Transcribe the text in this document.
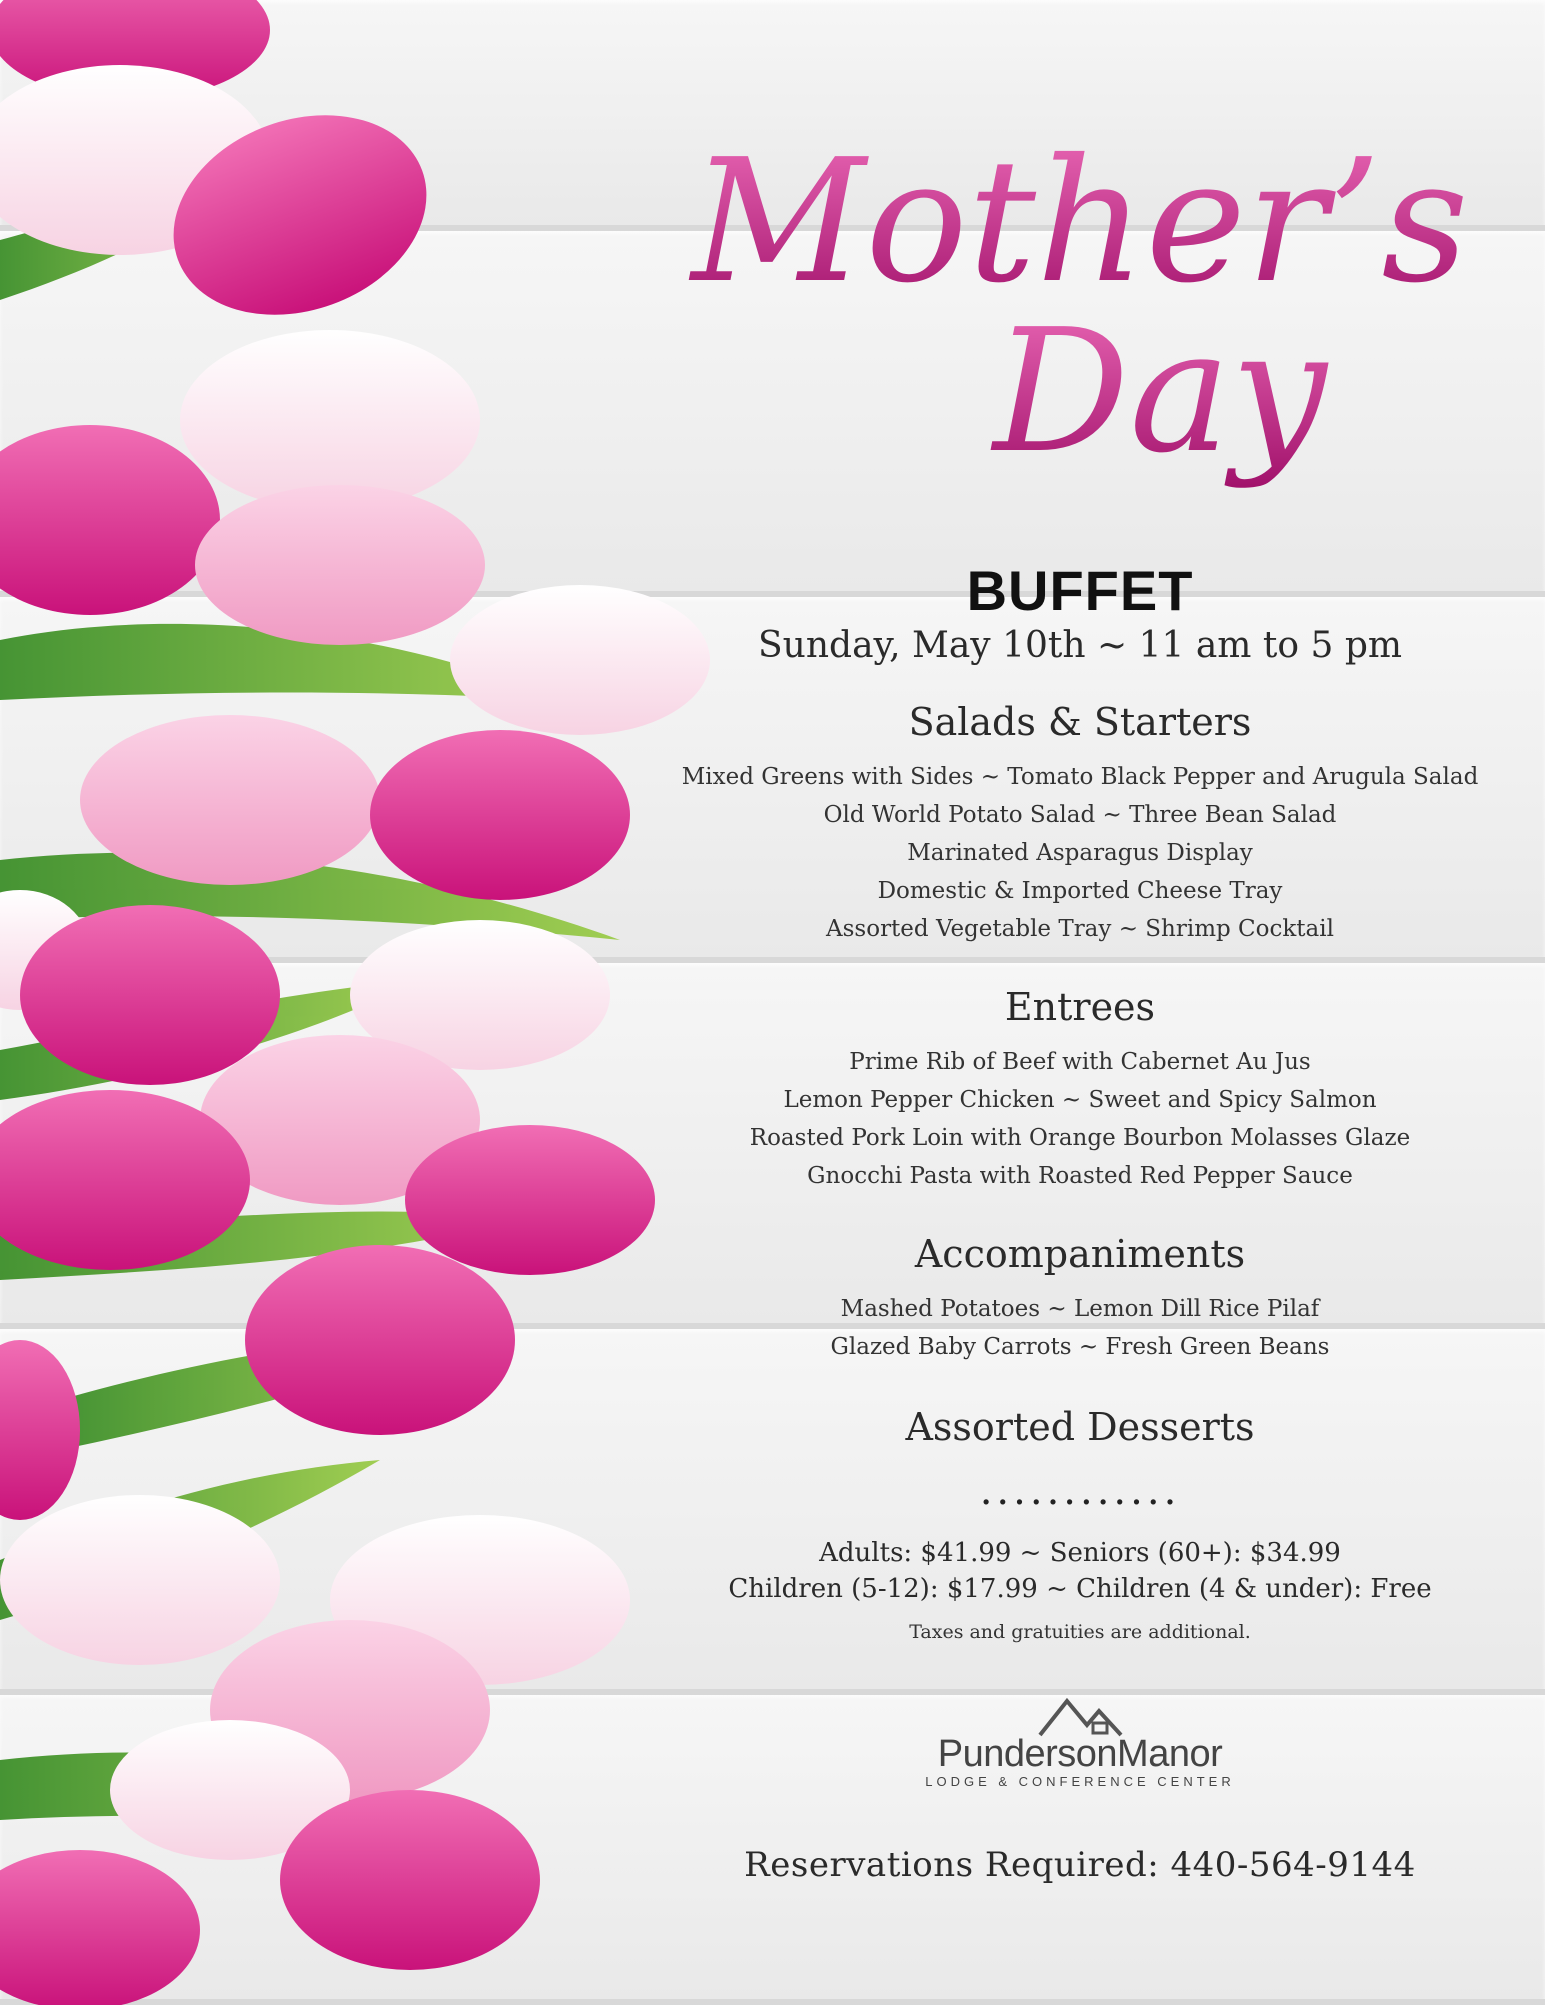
Mother’s
Day
BUFFET
Sunday, May 10th ~ 11 am to 5 pm
Salads & Starters
Mixed Greens with Sides ~ Tomato Black Pepper and Arugula Salad
Old World Potato Salad ~ Three Bean Salad
Marinated Asparagus Display
Domestic & Imported Cheese Tray
Assorted Vegetable Tray ~ Shrimp Cocktail
Entrees
Prime Rib of Beef with Cabernet Au Jus
Lemon Pepper Chicken ~ Sweet and Spicy Salmon
Roasted Pork Loin with Orange Bourbon Molasses Glaze
Gnocchi Pasta with Roasted Red Pepper Sauce
Accompaniments
Mashed Potatoes ~ Lemon Dill Rice Pilaf
Glazed Baby Carrots ~ Fresh Green Beans
Assorted Desserts
............
Adults: $41.99 ~ Seniors (60+): $34.99
Children (5-12): $17.99 ~ Children (4 & under): Free
Taxes and gratuities are additional.
PundersonManor
LODGE & CONFERENCE CENTER
Reservations Required: 440-564-9144
